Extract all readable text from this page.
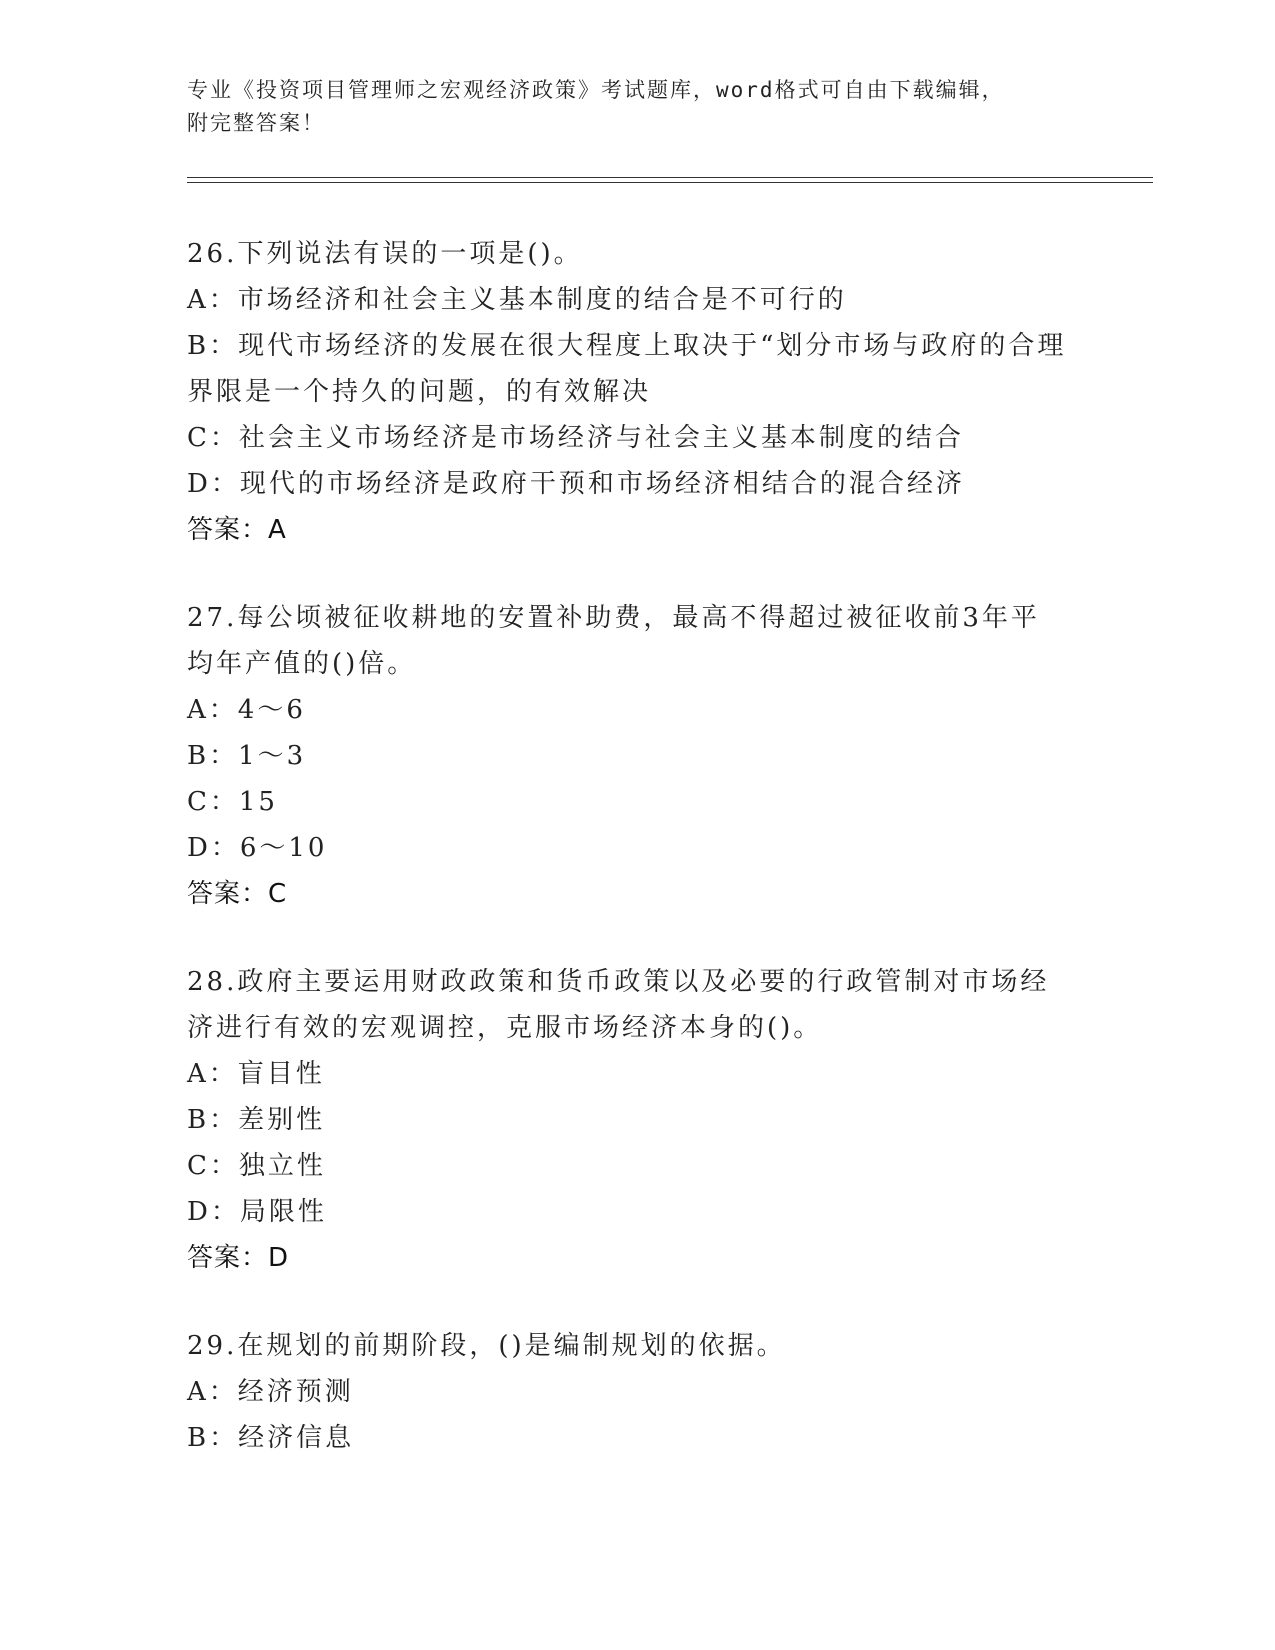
专业《投资项目管理师之宏观经济政策》考试题库，word格式可自由下载编辑，
附完整答案！
26.下列说法有误的一项是()。
A：市场经济和社会主义基本制度的结合是不可行的
B：现代市场经济的发展在很大程度上取决于“划分市场与政府的合理界限是一个持久的问题，的有效解决
C：社会主义市场经济是市场经济与社会主义基本制度的结合
D：现代的市场经济是政府干预和市场经济相结合的混合经济
答案：A
27.每公顷被征收耕地的安置补助费，最高不得超过被征收前3年平均年产值的()倍。
A：4～6
B：1～3
C：15
D：6～10
答案：C
28.政府主要运用财政政策和货币政策以及必要的行政管制对市场经济进行有效的宏观调控，克服市场经济本身的()。
A：盲目性
B：差别性
C：独立性
D：局限性
答案：D
29.在规划的前期阶段，()是编制规划的依据。
A：经济预测
B：经济信息
